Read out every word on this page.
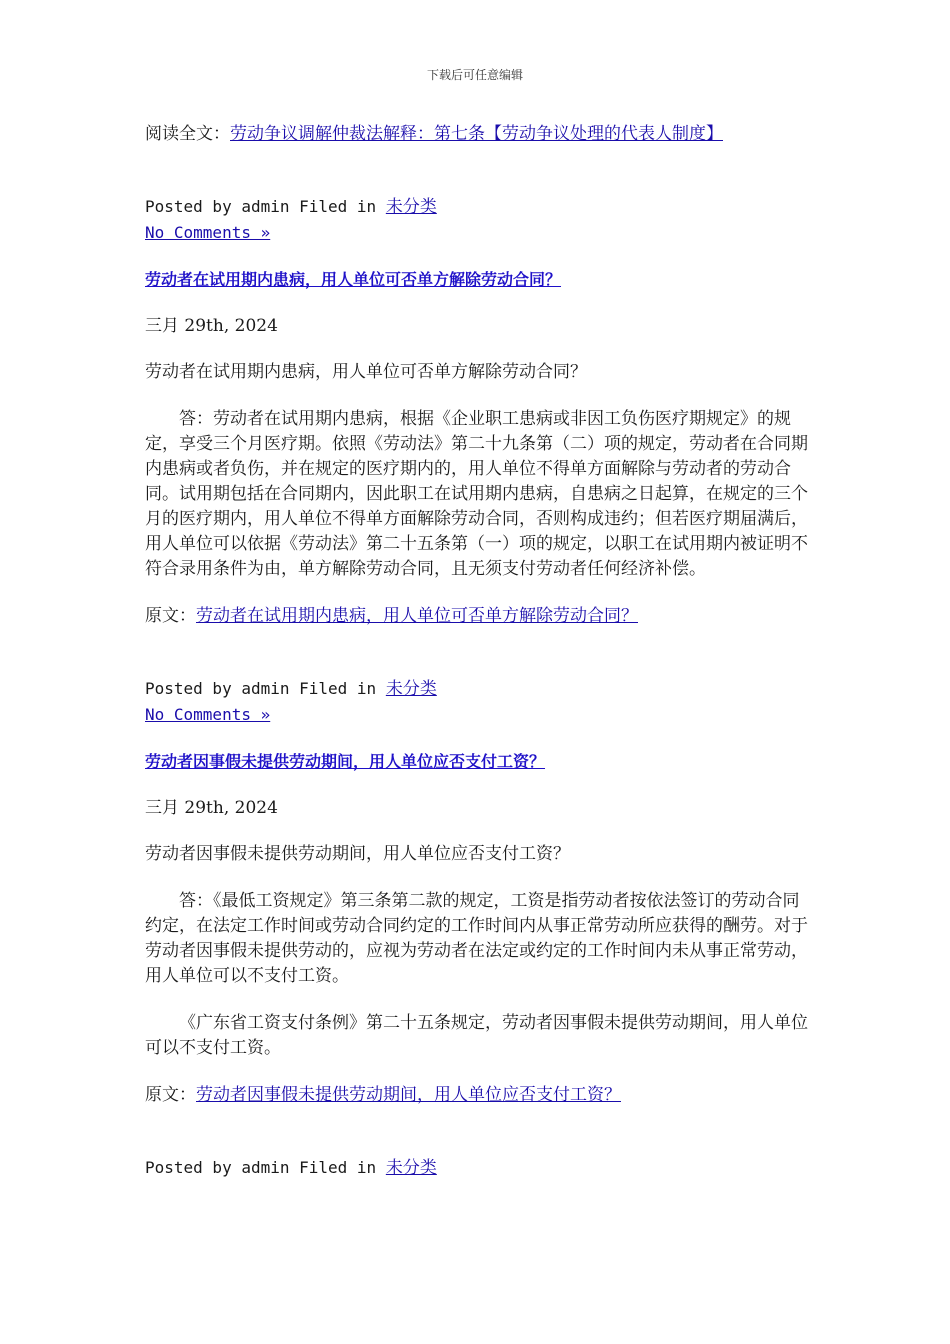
下载后可任意编辑

阅读全文：劳动争议调解仲裁法解释：第七条【劳动争议处理的代表人制度】

Posted by admin Filed in 未分类

No Comments »

劳动者在试用期内患病，用人单位可否单方解除劳动合同？

三月 29th, 2024

劳动者在试用期内患病，用人单位可否单方解除劳动合同？

答：劳动者在试用期内患病，根据《企业职工患病或非因工负伤医疗期规定》的规定，享受三个月医疗期。依照《劳动法》第二十九条第（二）项的规定，劳动者在合同期内患病或者负伤，并在规定的医疗期内的，用人单位不得单方面解除与劳动者的劳动合同。试用期包括在合同期内，因此职工在试用期内患病，自患病之日起算，在规定的三个月的医疗期内，用人单位不得单方面解除劳动合同，否则构成违约；但若医疗期届满后，用人单位可以依据《劳动法》第二十五条第（一）项的规定，以职工在试用期内被证明不符合录用条件为由，单方解除劳动合同，且无须支付劳动者任何经济补偿。

原文：劳动者在试用期内患病，用人单位可否单方解除劳动合同？

Posted by admin Filed in 未分类

No Comments »

劳动者因事假未提供劳动期间，用人单位应否支付工资？

三月 29th, 2024

劳动者因事假未提供劳动期间，用人单位应否支付工资？

答：《最低工资规定》第三条第二款的规定，工资是指劳动者按依法签订的劳动合同约定，在法定工作时间或劳动合同约定的工作时间内从事正常劳动所应获得的酬劳。对于劳动者因事假未提供劳动的，应视为劳动者在法定或约定的工作时间内未从事正常劳动，用人单位可以不支付工资。

《广东省工资支付条例》第二十五条规定，劳动者因事假未提供劳动期间，用人单位可以不支付工资。

原文：劳动者因事假未提供劳动期间，用人单位应否支付工资？

Posted by admin Filed in 未分类
